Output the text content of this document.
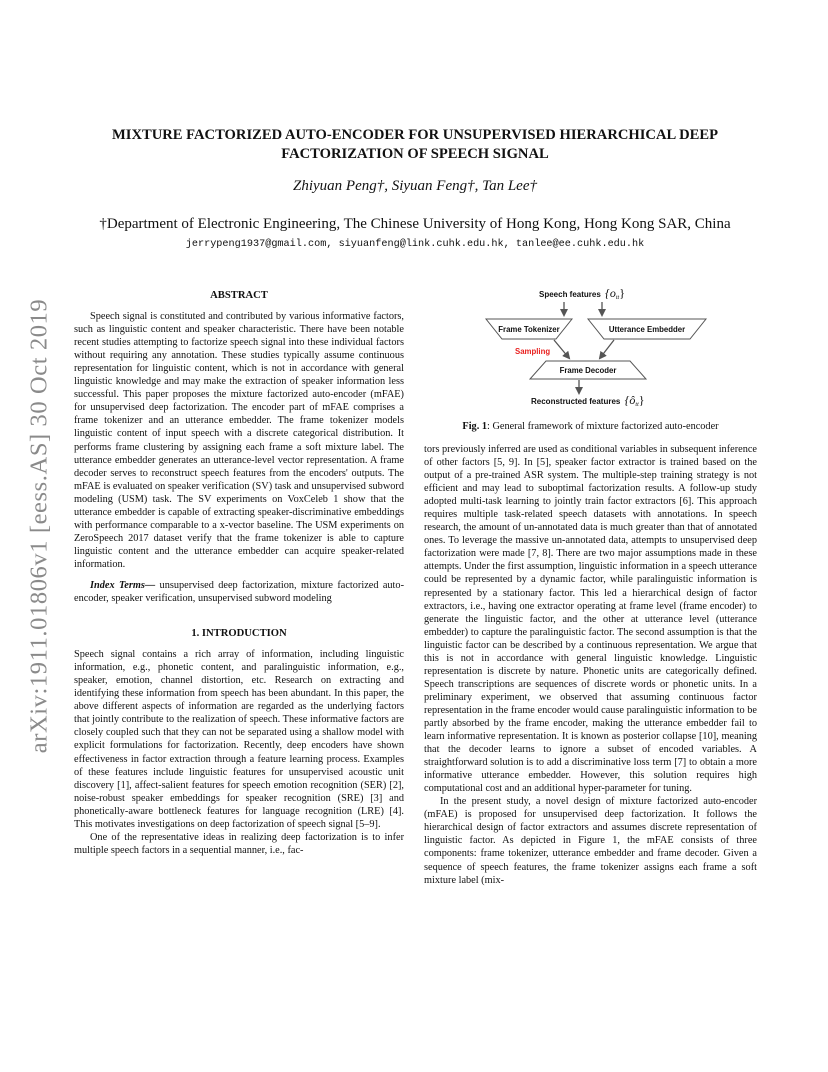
arXiv:1911.01806v1 [eess.AS] 30 Oct 2019
MIXTURE FACTORIZED AUTO-ENCODER FOR UNSUPERVISED HIERARCHICAL DEEP
FACTORIZATION OF SPEECH SIGNAL

Zhiyuan Peng†, Siyuan Feng†, Tan Lee†

†Department of Electronic Engineering, The Chinese University of Hong Kong, Hong Kong SAR, China

jerrypeng1937@gmail.com, siyuanfeng@link.cuhk.edu.hk, tanlee@ee.cuhk.edu.hk

ABSTRACT

Speech signal is constituted and contributed by various informative factors, such as linguistic content and speaker characteristic. There have been notable recent studies attempting to factorize speech signal into these individual factors without requiring any annotation. These studies typically assume continuous representation for linguistic content, which is not in accordance with general linguistic knowledge and may make the extraction of speaker information less successful. This paper proposes the mixture factorized auto-encoder (mFAE) for unsupervised deep factorization. The encoder part of mFAE comprises a frame tokenizer and an utterance embedder. The frame tokenizer models linguistic content of input speech with a discrete categorical distribution. It performs frame clustering by assigning each frame a soft mixture label. The utterance embedder generates an utterance-level vector representation. A frame decoder serves to reconstruct speech features from the encoders' outputs. The mFAE is evaluated on speaker verification (SV) task and unsupervised subword modeling (USM) task. The SV experiments on VoxCeleb 1 show that the utterance embedder is capable of extracting speaker-discriminative embeddings with performance comparable to a x-vector baseline. The USM experiments on ZeroSpeech 2017 dataset verify that the frame tokenizer is able to capture linguistic content and the utterance embedder can acquire speaker-related information.

Index Terms— unsupervised deep factorization, mixture factorized auto-encoder, speaker verification, unsupervised subword modeling

1. INTRODUCTION

Speech signal contains a rich array of information, including linguistic information, e.g., phonetic content, and paralinguistic information, e.g., speaker, emotion, channel distortion, etc. Research on extracting and identifying these information from speech has been abundant. In this paper, the above different aspects of information are regarded as the underlying factors that jointly contribute to the realization of speech. These informative factors are closely coupled such that they can not be separated using a shallow model with explicit formulations for factorization. Recently, deep encoders have shown effectiveness in factor extraction through a feature learning process. Examples of these features include linguistic features for unsupervised acoustic unit discovery [1], affect-salient features for speech emotion recognition (SER) [2], noise-robust speaker embeddings for speaker recognition (SRE) [3] and phonetically-aware bottleneck features for language recognition (LRE) [4]. This motivates investigations on deep factorization of speech signal [5–9].

One of the representative ideas in realizing deep factorization is to infer multiple speech factors in a sequential manner, i.e., fac-

Speech features $\{o_{tt}\}$
Frame Tokenizer	Utterance Embedder
Sampling
Frame Decoder
Reconstructed features $\{ô_{tt}\}$

Fig. 1: General framework of mixture factorized auto-encoder

tors previously inferred are used as conditional variables in subsequent inference of other factors [5, 9]. In [5], speaker factor extractor is trained based on the output of a pre-trained ASR system. The multiple-step training strategy is not efficient and may lead to suboptimal factorization results. A follow-up study adopted multi-task learning to jointly train factor extractors [6]. This approach requires multiple task-related speech datasets with annotations. In speech research, the amount of un-annotated data is much greater than that of annotated ones. To leverage the massive un-annotated data, attempts to unsupervised deep factorization were made [7, 8]. There are two major assumptions made in these attempts. Under the first assumption, linguistic information in a speech utterance could be represented by a dynamic factor, while paralinguistic information is represented by a stationary factor. This led a hierarchical design of factor extractors, i.e., having one extractor operating at frame level (frame encoder) to generate the linguistic factor, and the other at utterance level (utterance embedder) to capture the paralinguistic factor. The second assumption is that the linguistic factor can be described by a continuous representation. We argue that this is not in accordance with general linguistic knowledge. Linguistic representation is discrete by nature. Phonetic units are categorically defined. Speech transcriptions are sequences of discrete words or phonetic units. In a preliminary experiment, we observed that assuming continuous factor representation in the frame encoder would cause paralinguistic information to be partly absorbed by the frame encoder, making the utterance embedder fail to learn informative representation. It is known as posterior collapse [10], meaning that the decoder learns to ignore a subset of encoded variables. A straightforward solution is to add a discriminative loss term [7] to obtain a more informative utterance embedder. However, this solution requires high computational cost and an additional hyper-parameter for tuning.

In the present study, a novel design of mixture factorized auto-encoder (mFAE) is proposed for unsupervised deep factorization. It follows the hierarchical design of factor extractors and assumes discrete representation of linguistic factor. As depicted in Figure 1, the mFAE consists of three components: frame tokenizer, utterance embedder and frame decoder. Given a sequence of speech features, the frame tokenizer assigns each frame a soft mixture label (mix-
